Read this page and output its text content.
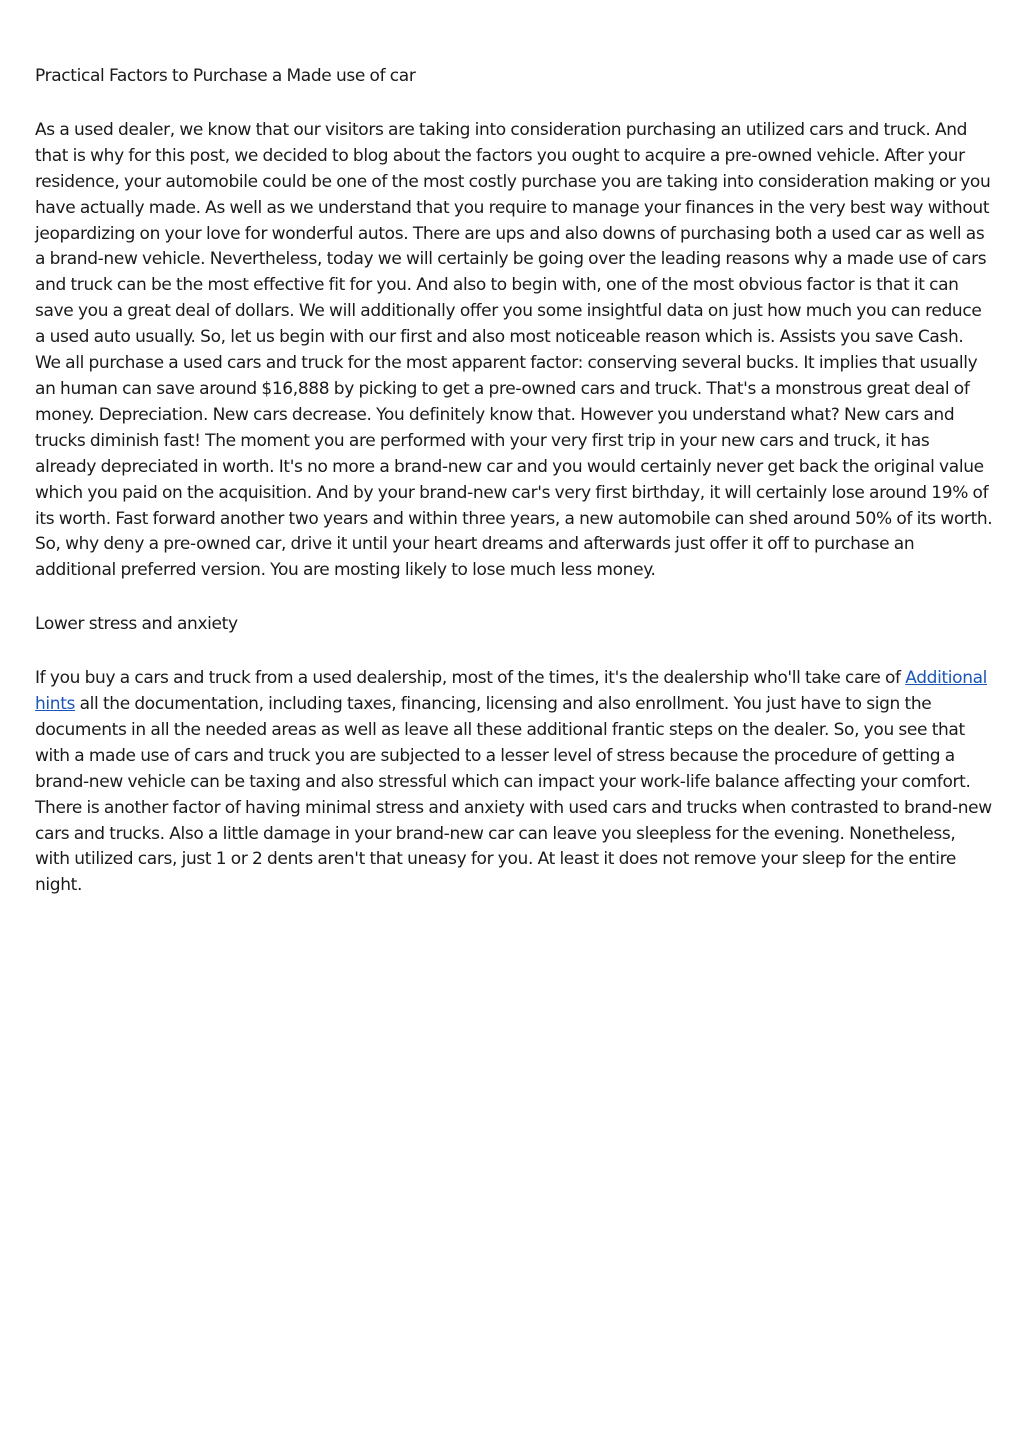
Practical Factors to Purchase a Made use of car

As a used dealer, we know that our visitors are taking into consideration purchasing an utilized cars and truck. And that is why for this post, we decided to blog about the factors you ought to acquire a pre-owned vehicle. After your residence, your automobile could be one of the most costly purchase you are taking into consideration making or you have actually made. As well as we understand that you require to manage your finances in the very best way without jeopardizing on your love for wonderful autos. There are ups and also downs of purchasing both a used car as well as a brand-new vehicle. Nevertheless, today we will certainly be going over the leading reasons why a made use of cars and truck can be the most effective fit for you. And also to begin with, one of the most obvious factor is that it can save you a great deal of dollars. We will additionally offer you some insightful data on just how much you can reduce a used auto usually. So, let us begin with our first and also most noticeable reason which is. Assists you save Cash. We all purchase a used cars and truck for the most apparent factor: conserving several bucks. It implies that usually an human can save around $16,888 by picking to get a pre-owned cars and truck. That's a monstrous great deal of money. Depreciation. New cars decrease. You definitely know that. However you understand what? New cars and trucks diminish fast! The moment you are performed with your very first trip in your new cars and truck, it has already depreciated in worth. It's no more a brand-new car and you would certainly never get back the original value which you paid on the acquisition. And by your brand-new car's very first birthday, it will certainly lose around 19% of its worth. Fast forward another two years and within three years, a new automobile can shed around 50% of its worth. So, why deny a pre-owned car, drive it until your heart dreams and afterwards just offer it off to purchase an additional preferred version. You are mosting likely to lose much less money.

Lower stress and anxiety

If you buy a cars and truck from a used dealership, most of the times, it's the dealership who'll take care of Additional hints all the documentation, including taxes, financing, licensing and also enrollment. You just have to sign the documents in all the needed areas as well as leave all these additional frantic steps on the dealer. So, you see that with a made use of cars and truck you are subjected to a lesser level of stress because the procedure of getting a brand-new vehicle can be taxing and also stressful which can impact your work-life balance affecting your comfort. There is another factor of having minimal stress and anxiety with used cars and trucks when contrasted to brand-new cars and trucks. Also a little damage in your brand-new car can leave you sleepless for the evening. Nonetheless, with utilized cars, just 1 or 2 dents aren't that uneasy for you. At least it does not remove your sleep for the entire night.
